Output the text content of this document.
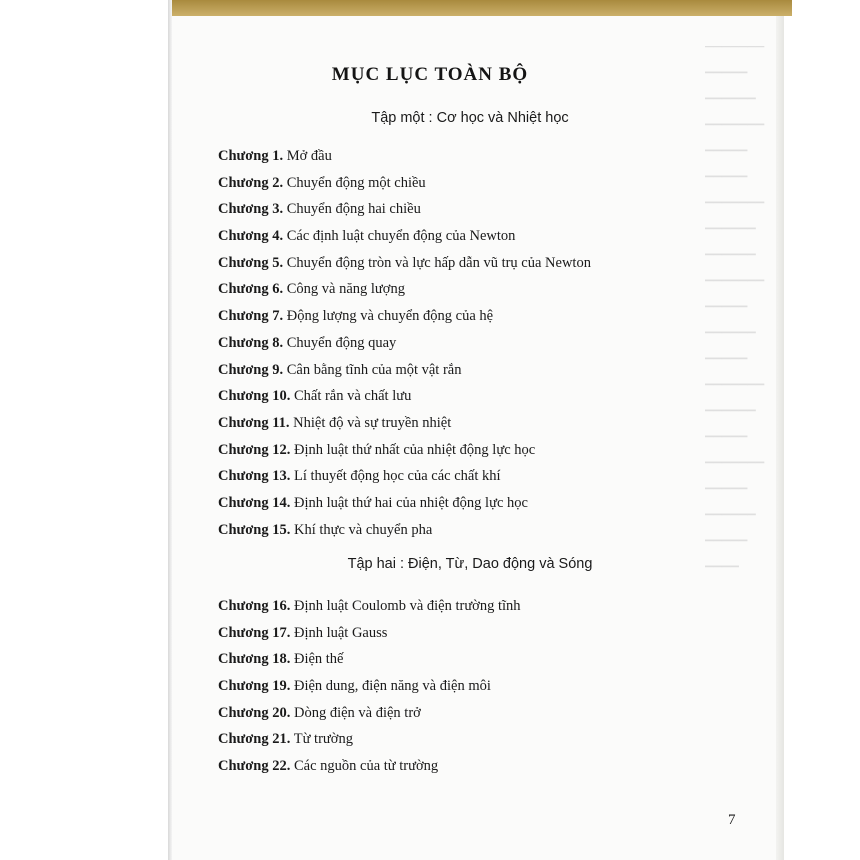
▔▔▔▔▔▔▔
▔▔▔▔▔
▔▔▔▔▔▔
▔▔▔▔▔▔▔
▔▔▔▔▔
▔▔▔▔▔
▔▔▔▔▔▔▔
▔▔▔▔▔▔
▔▔▔▔▔▔
▔▔▔▔▔▔▔
▔▔▔▔▔
▔▔▔▔▔▔
▔▔▔▔▔
▔▔▔▔▔▔▔
▔▔▔▔▔▔
▔▔▔▔▔
▔▔▔▔▔▔▔
▔▔▔▔▔
▔▔▔▔▔▔
▔▔▔▔▔
▔▔▔▔
MỤC LỤC TOÀN BỘ
Tập một : Cơ học và Nhiệt học
Chương 1. Mở đầu
Chương 2. Chuyển động một chiều
Chương 3. Chuyển động hai chiều
Chương 4. Các định luật chuyển động của Newton
Chương 5. Chuyển động tròn và lực hấp dẫn vũ trụ của Newton
Chương 6. Công và năng lượng
Chương 7. Động lượng và chuyển động của hệ
Chương 8. Chuyển động quay
Chương 9. Cân bằng tĩnh của một vật rắn
Chương 10. Chất rắn và chất lưu
Chương 11. Nhiệt độ và sự truyền nhiệt
Chương 12. Định luật thứ nhất của nhiệt động lực học
Chương 13. Lí thuyết động học của các chất khí
Chương 14. Định luật thứ hai của nhiệt động lực học
Chương 15. Khí thực và chuyển pha
Tập hai : Điện, Từ, Dao động và Sóng
Chương 16. Định luật Coulomb và điện trường tĩnh
Chương 17. Định luật Gauss
Chương 18. Điện thế
Chương 19. Điện dung, điện năng và điện môi
Chương 20. Dòng điện và điện trở
Chương 21. Từ trường
Chương 22. Các nguồn của từ trường
7
